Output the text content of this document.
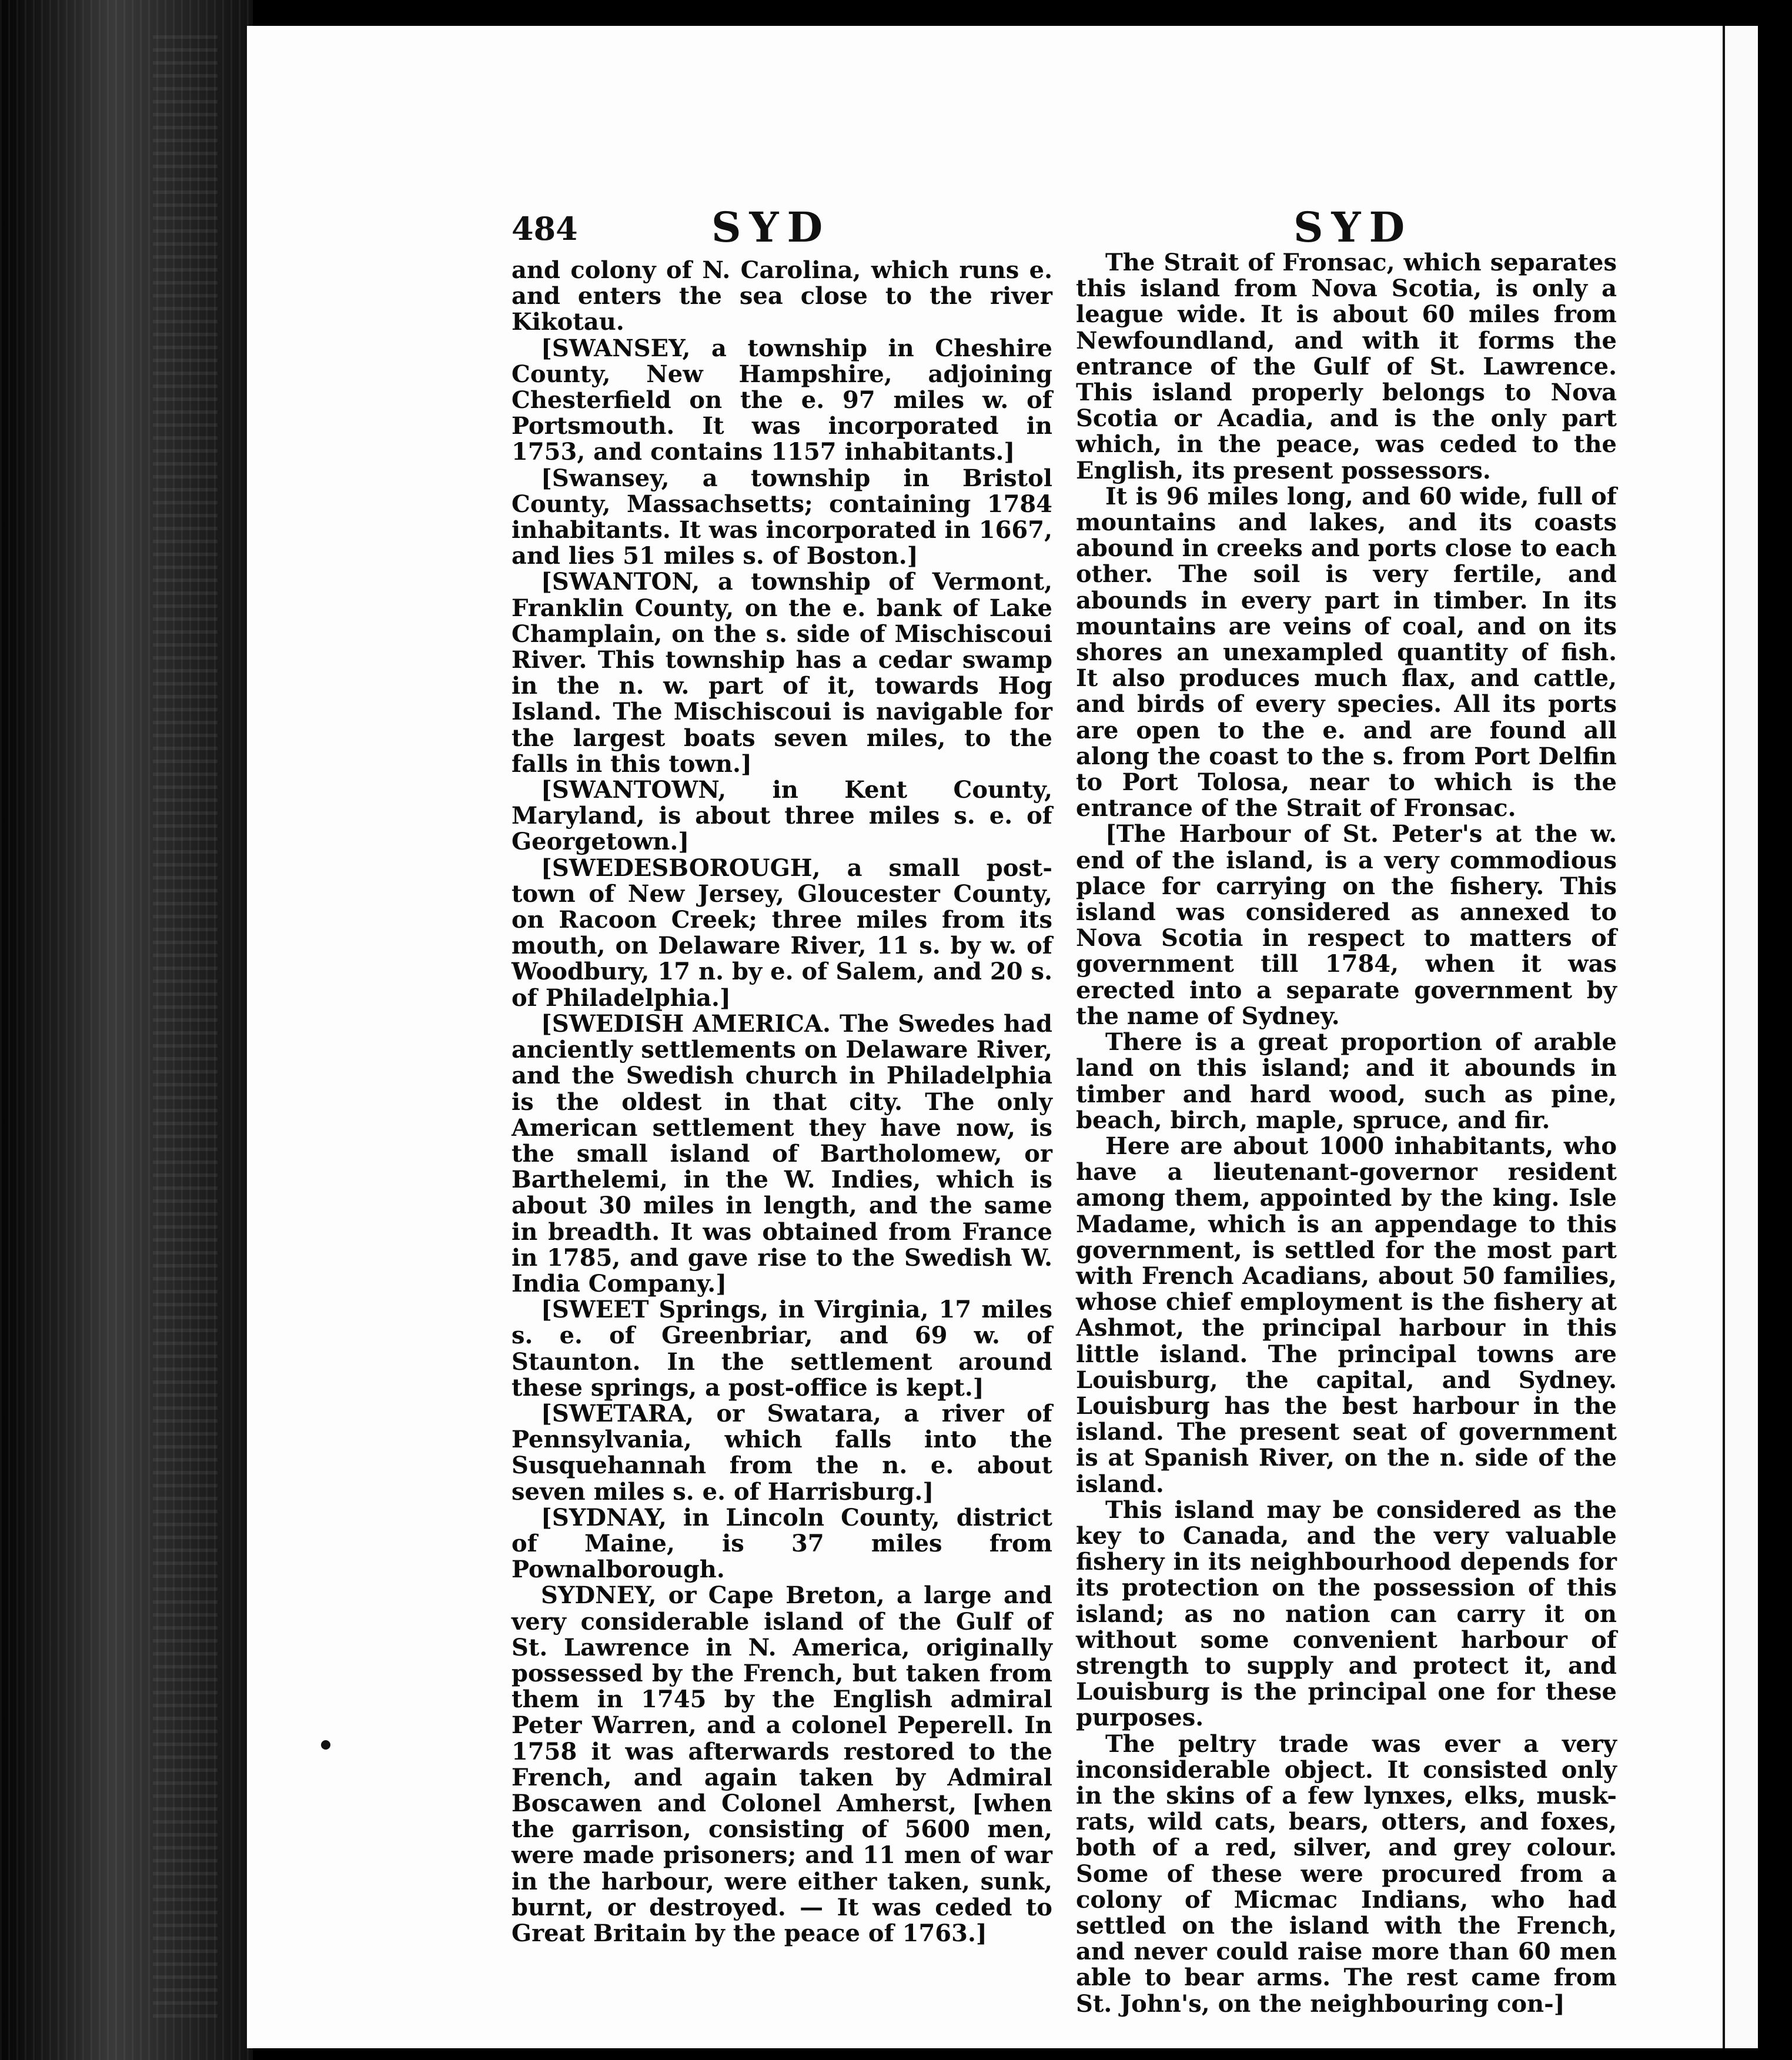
484	SYD	SYD

and colony of N. Carolina, which runs e. and enters the sea close to the river Kikotau.

[SWANSEY, a township in Cheshire County, New Hampshire, adjoining Chesterfield on the e. 97 miles w. of Portsmouth. It was incorporated in 1753, and contains 1157 inhabitants.]

[Swansey, a township in Bristol County, Massachsetts; containing 1784 inhabitants. It was incorporated in 1667, and lies 51 miles s. of Boston.]

[SWANTON, a township of Vermont, Franklin County, on the e. bank of Lake Champlain, on the s. side of Mischiscoui River. This township has a cedar swamp in the n. w. part of it, towards Hog Island. The Mischiscoui is navigable for the largest boats seven miles, to the falls in this town.]

[SWANTOWN, in Kent County, Maryland, is about three miles s. e. of Georgetown.]

[SWEDESBOROUGH, a small post-town of New Jersey, Gloucester County, on Racoon Creek; three miles from its mouth, on Delaware River, 11 s. by w. of Woodbury, 17 n. by e. of Salem, and 20 s. of Philadelphia.]

[SWEDISH AMERICA. The Swedes had anciently settlements on Delaware River, and the Swedish church in Philadelphia is the oldest in that city. The only American settlement they have now, is the small island of Bartholomew, or Barthelemi, in the W. Indies, which is about 30 miles in length, and the same in breadth. It was obtained from France in 1785, and gave rise to the Swedish W. India Company.]

[SWEET Springs, in Virginia, 17 miles s. e. of Greenbriar, and 69 w. of Staunton. In the settlement around these springs, a post-office is kept.]

[SWETARA, or Swatara, a river of Pennsylvania, which falls into the Susquehannah from the n. e. about seven miles s. e. of Harrisburg.]

[SYDNAY, in Lincoln County, district of Maine, is 37 miles from Pownalborough.

SYDNEY, or Cape Breton, a large and very considerable island of the Gulf of St. Lawrence in N. America, originally possessed by the French, but taken from them in 1745 by the English admiral Peter Warren, and a colonel Peperell. In 1758 it was afterwards restored to the French, and again taken by Admiral Boscawen and Colonel Amherst, [when the garrison, consisting of 5600 men, were made prisoners; and 11 men of war in the harbour, were either taken, sunk, burnt, or destroyed. — It was ceded to Great Britain by the peace of 1763.]

The Strait of Fronsac, which separates this island from Nova Scotia, is only a league wide. It is about 60 miles from Newfoundland, and with it forms the entrance of the Gulf of St. Lawrence. This island properly belongs to Nova Scotia or Acadia, and is the only part which, in the peace, was ceded to the English, its present possessors.

It is 96 miles long, and 60 wide, full of mountains and lakes, and its coasts abound in creeks and ports close to each other. The soil is very fertile, and abounds in every part in timber. In its mountains are veins of coal, and on its shores an unexampled quantity of fish. It also produces much flax, and cattle, and birds of every species. All its ports are open to the e. and are found all along the coast to the s. from Port Delfin to Port Tolosa, near to which is the entrance of the Strait of Fronsac.

[The Harbour of St. Peter's at the w. end of the island, is a very commodious place for carrying on the fishery. This island was considered as annexed to Nova Scotia in respect to matters of government till 1784, when it was erected into a separate government by the name of Sydney.

There is a great proportion of arable land on this island; and it abounds in timber and hard wood, such as pine, beach, birch, maple, spruce, and fir.

Here are about 1000 inhabitants, who have a lieutenant-governor resident among them, appointed by the king. Isle Madame, which is an appendage to this government, is settled for the most part with French Acadians, about 50 families, whose chief employment is the fishery at Ashmot, the principal harbour in this little island. The principal towns are Louisburg, the capital, and Sydney. Louisburg has the best harbour in the island. The present seat of government is at Spanish River, on the n. side of the island.

This island may be considered as the key to Canada, and the very valuable fishery in its neighbourhood depends for its protection on the possession of this island; as no nation can carry it on without some convenient harbour of strength to supply and protect it, and Louisburg is the principal one for these purposes.

The peltry trade was ever a very inconsiderable object. It consisted only in the skins of a few lynxes, elks, musk-rats, wild cats, bears, otters, and foxes, both of a red, silver, and grey colour. Some of these were procured from a colony of Micmac Indians, who had settled on the island with the French, and never could raise more than 60 men able to bear arms. The rest came from St. John's, on the neighbouring con-]
